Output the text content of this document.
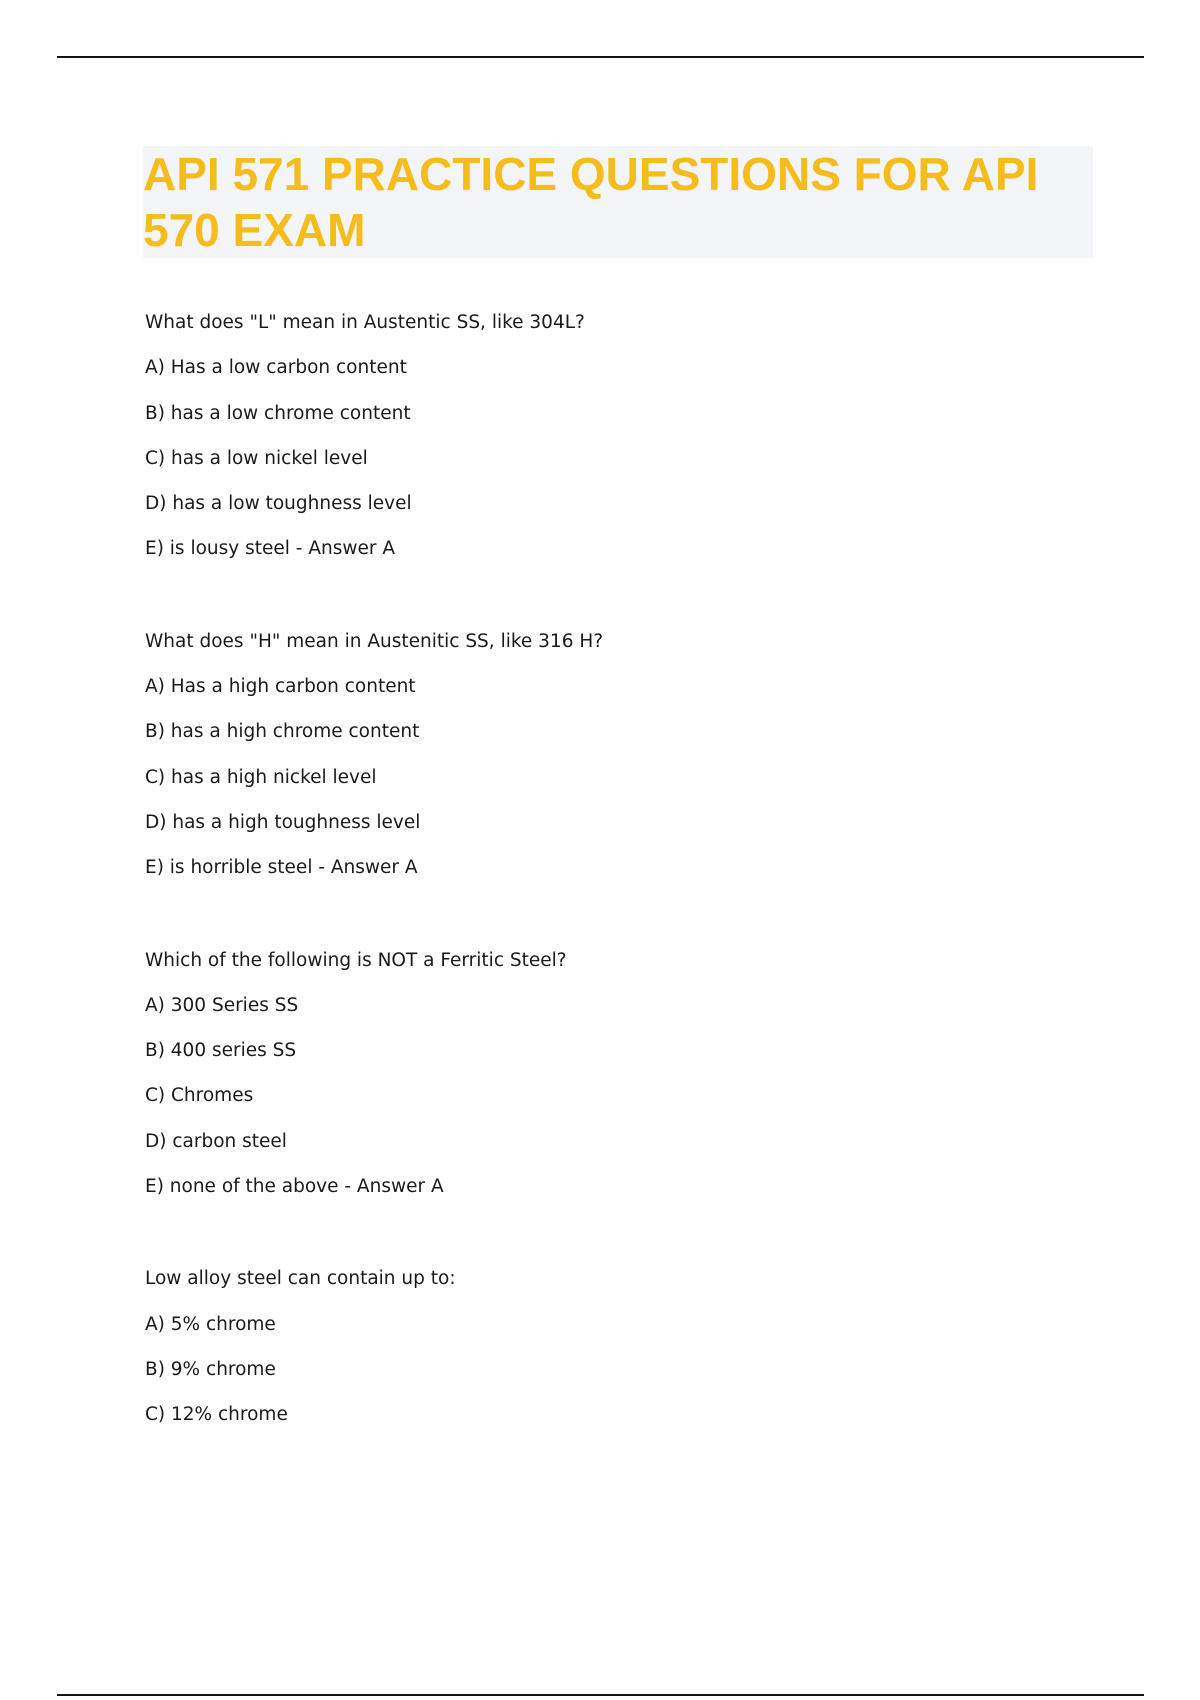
API 571 PRACTICE QUESTIONS FOR API
570 EXAM
What does "L" mean in Austentic SS, like 304L?
A) Has a low carbon content
B) has a low chrome content
C) has a low nickel level
D) has a low toughness level
E) is lousy steel - Answer A
What does "H" mean in Austenitic SS, like 316 H?
A) Has a high carbon content
B) has a high chrome content
C) has a high nickel level
D) has a high toughness level
E) is horrible steel - Answer A
Which of the following is NOT a Ferritic Steel?
A) 300 Series SS
B) 400 series SS
C) Chromes
D) carbon steel
E) none of the above - Answer A
Low alloy steel can contain up to:
A) 5% chrome
B) 9% chrome
C) 12% chrome
